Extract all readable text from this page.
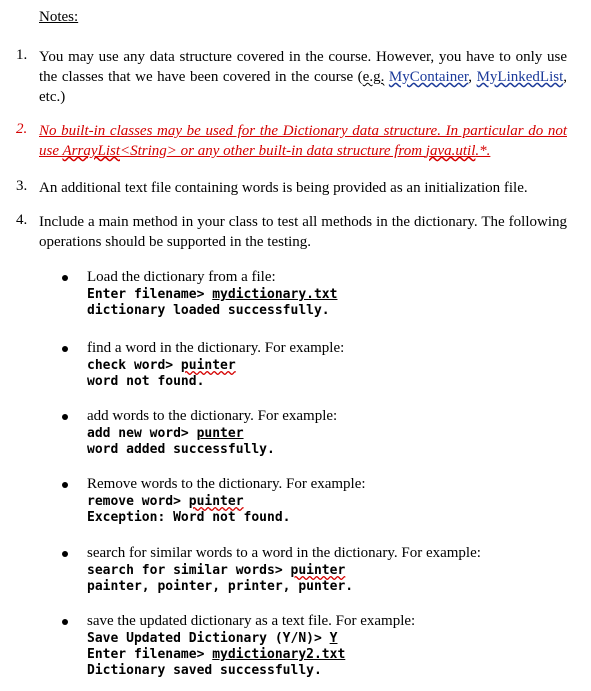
Notes:
1. You may use any data structure covered in the course. However, you have to only use the classes that we have been covered in the course (e.g. MyContainer, MyLinkedList, etc.)
2. No built-in classes may be used for the Dictionary data structure. In particular do not use ArrayList<String> or any other built-in data structure from java.util.*.
3. An additional text file containing words is being provided as an initialization file.
4. Include a main method in your class to test all methods in the dictionary. The following operations should be supported in the testing.
Load the dictionary from a file:
Enter filename> mydictionary.txt
dictionary loaded successfully.
find a word in the dictionary. For example:
check word> puinter
word not found.
add words to the dictionary. For example:
add new word> punter
word added successfully.
Remove words to the dictionary. For example:
remove word> puinter
Exception: Word not found.
search for similar words to a word in the dictionary. For example:
search for similar words> puinter
painter, pointer, printer, punter.
save the updated dictionary as a text file. For example:
Save Updated Dictionary (Y/N)> Y
Enter filename> mydictionary2.txt
Dictionary saved successfully.
